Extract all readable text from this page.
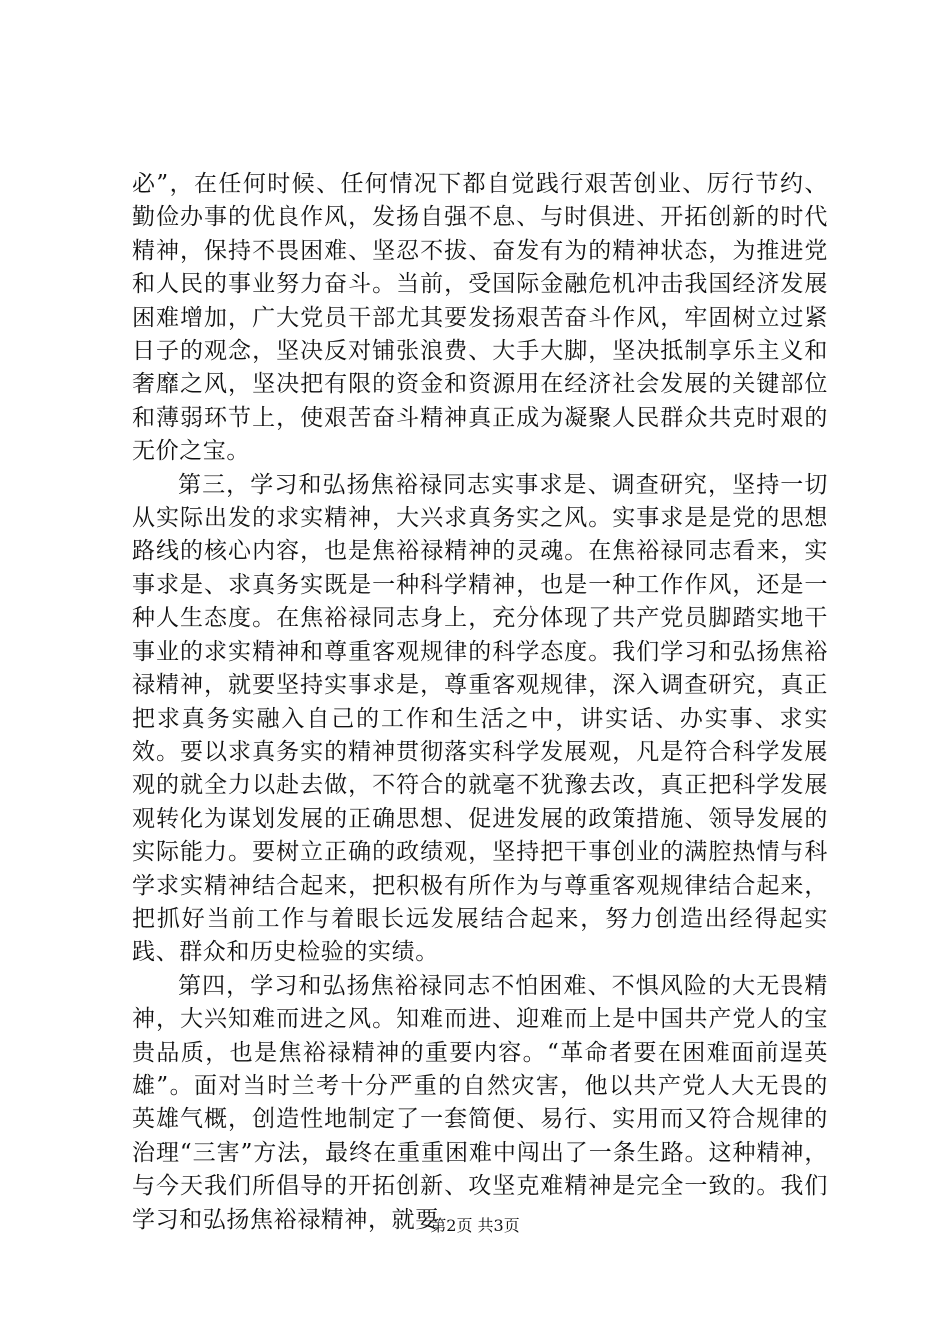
必”，在任何时候、任何情况下都自觉践行艰苦创业、厉行节约、勤俭办事的优良作风，发扬自强不息、与时俱进、开拓创新的时代精神，保持不畏困难、坚忍不拔、奋发有为的精神状态，为推进党和人民的事业努力奋斗。当前，受国际金融危机冲击我国经济发展困难增加，广大党员干部尤其要发扬艰苦奋斗作风，牢固树立过紧日子的观念，坚决反对铺张浪费、大手大脚，坚决抵制享乐主义和奢靡之风，坚决把有限的资金和资源用在经济社会发展的关键部位和薄弱环节上，使艰苦奋斗精神真正成为凝聚人民群众共克时艰的无价之宝。

第三，学习和弘扬焦裕禄同志实事求是、调查研究，坚持一切从实际出发的求实精神，大兴求真务实之风。实事求是是党的思想路线的核心内容，也是焦裕禄精神的灵魂。在焦裕禄同志看来，实事求是、求真务实既是一种科学精神，也是一种工作作风，还是一种人生态度。在焦裕禄同志身上，充分体现了共产党员脚踏实地干事业的求实精神和尊重客观规律的科学态度。我们学习和弘扬焦裕禄精神，就要坚持实事求是，尊重客观规律，深入调查研究，真正把求真务实融入自己的工作和生活之中，讲实话、办实事、求实效。要以求真务实的精神贯彻落实科学发展观，凡是符合科学发展观的就全力以赴去做，不符合的就毫不犹豫去改，真正把科学发展观转化为谋划发展的正确思想、促进发展的政策措施、领导发展的实际能力。要树立正确的政绩观，坚持把干事创业的满腔热情与科学求实精神结合起来，把积极有所作为与尊重客观规律结合起来，把抓好当前工作与着眼长远发展结合起来，努力创造出经得起实践、群众和历史检验的实绩。

第四，学习和弘扬焦裕禄同志不怕困难、不惧风险的大无畏精神，大兴知难而进之风。知难而进、迎难而上是中国共产党人的宝贵品质，也是焦裕禄精神的重要内容。“革命者要在困难面前逞英雄”。面对当时兰考十分严重的自然灾害，他以共产党人大无畏的英雄气概，创造性地制定了一套简便、易行、实用而又符合规律的治理“三害”方法，最终在重重困难中闯出了一条生路。这种精神，与今天我们所倡导的开拓创新、攻坚克难精神是完全一致的。我们学习和弘扬焦裕禄精神，就要

第2页 共3页
